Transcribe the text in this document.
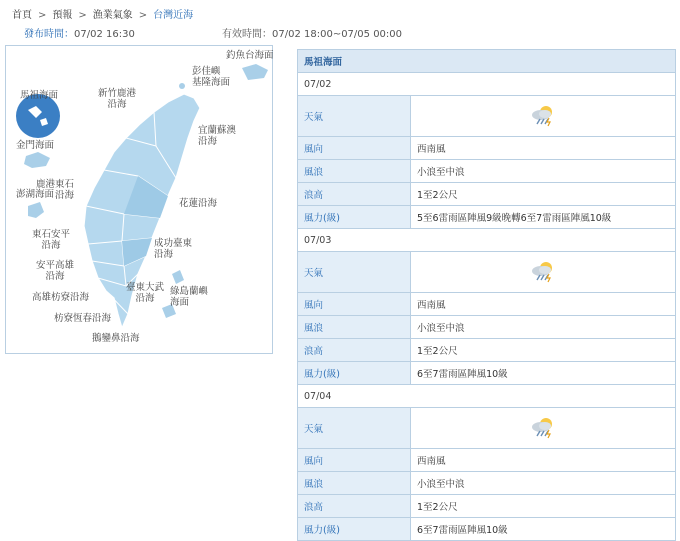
首頁 > 預報 > 漁業氣象 > 台灣近海
發布時間：07/02 16:30	有效時間：07/02 18:00~07/05 00:00
釣魚台海面
彭佳嶼
基隆海面
新竹鹿港
沿海
馬祖海面
宜蘭蘇澳
沿海
金門海面
鹿港東石
沿海
澎湖海面
花蓮沿海
東石安平
沿海	成功臺東
沿海
安平高雄
沿海
高雄枋寮沿海
臺東大武
沿海
綠島蘭嶼
海面
枋寮恆春沿海
鵝鑾鼻沿海
馬祖海面	
07/02	
天氣	
風向	西南風
風浪	小浪至中浪
浪高	1至2公尺
風力(級)	5至6雷雨區陣風9級晚轉6至7雷雨區陣風10級
07/03	
天氣	
風向	西南風
風浪	小浪至中浪
浪高	1至2公尺
風力(級)	6至7雷雨區陣風10級
07/04	
天氣	
風向	西南風
風浪	小浪至中浪
浪高	1至2公尺
風力(級)	6至7雷雨區陣風10級
